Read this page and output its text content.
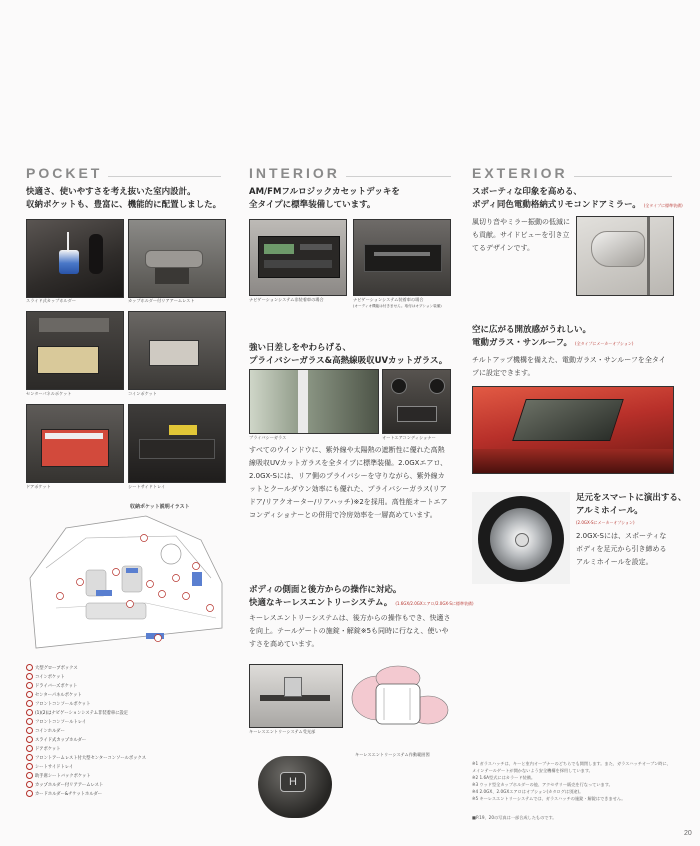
POCKET	INTERIOR	EXTERIOR
快適さ、使いやすさを考え抜いた室内設計。
収納ポケットも、豊富に、機能的に配置しました。
スライド式カップホルダー	カップホルダー付リアアームレスト
センターパネルポケット	コインポケット
ドアポケット	シートサイドトレイ
収納ポケット説明イラスト
大型グローブボックス
コインポケット
ドライバーズポケット
センターパネルポケット
フロントコンソールポケット
(1)(2)はナビゲーションシステム非装着車に設定
フロントコンソールトレイ
コインホルダー
スライド式カップホルダー
ドアポケット
フロントアームレスト付大型センターコンソールボックス
シートサイドトレイ
助手席シートバックポケット
カップホルダー付リアアームレスト
カードホルダー&チケットホルダー
AM/FMフルロジックカセットデッキを
全タイプに標準装備しています。
ナビゲーションシステム非装着車の場合	ナビゲーションシステム装着車の場合
(オーディオ機能は付きません。取付はオプション装備)
強い日差しをやわらげる、
プライバシーガラス&高熱線吸収UVカットガラス。
プライバシーガラス	オートエアコンディショナー
すべてのウインドウに、紫外線や太陽熱の遮断性に優れた高熱線吸収UVカットガラスを全タイプに標準装備。2.0GXエアロ、2.0GX-Sには、リア側のプライバシーを守りながら、紫外線カットとクールダウン効率にも優れた、プライバシーガラス(リアドア/リアクオーター/リアハッチ)※2を採用。高性能オートエアコンディショナーとの併用で冷房効率を一層高めています。
ボディの側面と後方からの操作に対応。
快適なキーレスエントリーシステム。 (1.6GX/2.0GXエアロ/2.0GX-Sに標準装備)
キーレスエントリーシステムは、後方からの操作もでき、快適さを向上。テールゲートの施錠・解錠※5も同時に行なえ、使いやすさを高めています。
キーレスエントリーシステム受光部
キーレスエントリーシステム作動範囲図
H
スポーティな印象を高める、
ボディ同色電動格納式リモコンドアミラー。 (全タイプに標準装備)
風切り音やミラー振動の低減にも貢献。サイドビューを引き立てるデザインです。
空に広がる開放感がうれしい。
電動ガラス・サンルーフ。 (全タイプにメーカーオプション)
チルトアップ機構を備えた、電動ガラス・サンルーフを全タイプに設定できます。
足元をスマートに演出する、
アルミホイール。
(2.0GX-Sにメーカーオプション)
2.0GX-Sには、スポーティなボディを足元から引き締めるアルミホイールを設定。
※1 ガラスハッチは、キーと室内オープナーのどちらでも開閉します。また、ガラスハッチオープン時に、メインテールゲートが開かないよう安全機構を採用しています。
※2 1.6A型式にはカラード装備。
※3 ウッド型全カップホルダーの他、アクセサリー販売を行なっています。
※4 2.0GX、2.0GXエアロはオプション(カタログは別途)。
※5 キーレスエントリーシステムでは、ガラスハッチの施錠・解錠はできません。
■P.19、20の写真は一部合成したものです。
20
